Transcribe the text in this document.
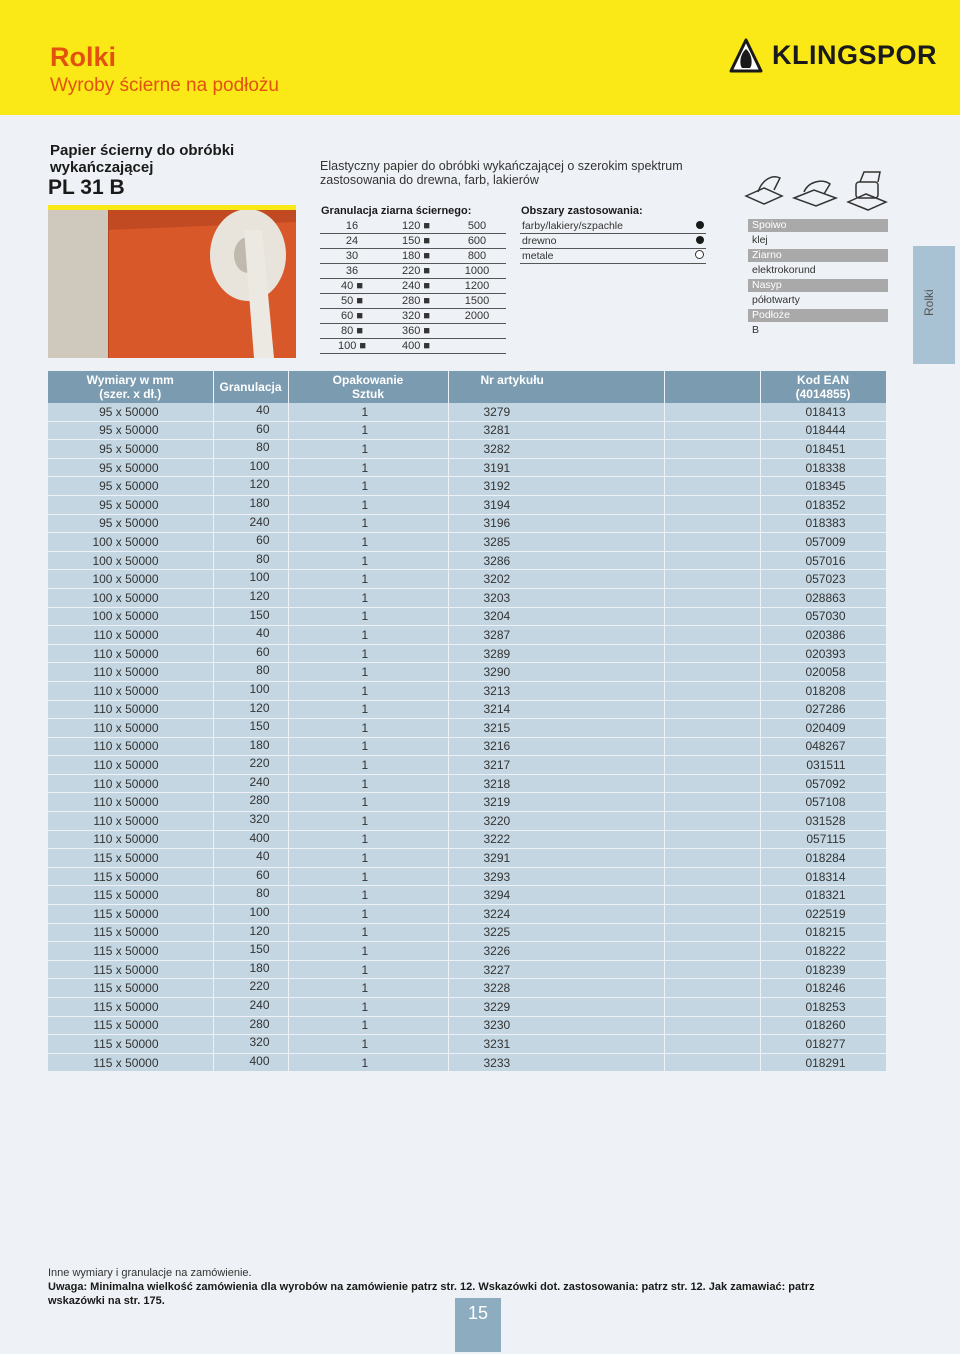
Rolki
Wyroby ścierne na podłożu
KLINGSPOR
Papier ścierny do obróbki
wykańczającej
PL 31 B
Elastyczny papier do obróbki wykańczającej o szerokim spektrum zastosowania do drewna, farb, lakierów
Granulacja ziarna ściernego:
16	120 ■	500
24	150 ■	600
30	180 ■	800
36	220 ■	1000
40 ■	240 ■	1200
50 ■	280 ■	1500
60 ■	320 ■	2000
80 ■	360 ■	
100 ■	400 ■	
Obszary zastosowania:
farby/lakiery/szpachle	
drewno	
metale	
Spoiwo
klej
Ziarno
elektrokorund
Nasyp
półotwarty
Podłoże
B
Rolki
Wymiary w mm (szer. x dł.)	Granulacja	Opakowanie Sztuk	Nr artykułu		Kod EAN (4014855)

95 x 50000	40	1	3279		018413
95 x 50000	60	1	3281		018444
95 x 50000	80	1	3282		018451
95 x 50000	100	1	3191		018338
95 x 50000	120	1	3192		018345
95 x 50000	180	1	3194		018352
95 x 50000	240	1	3196		018383
100 x 50000	60	1	3285		057009
100 x 50000	80	1	3286		057016
100 x 50000	100	1	3202		057023
100 x 50000	120	1	3203		028863
100 x 50000	150	1	3204		057030
110 x 50000	40	1	3287		020386
110 x 50000	60	1	3289		020393
110 x 50000	80	1	3290		020058
110 x 50000	100	1	3213		018208
110 x 50000	120	1	3214		027286
110 x 50000	150	1	3215		020409
110 x 50000	180	1	3216		048267
110 x 50000	220	1	3217		031511
110 x 50000	240	1	3218		057092
110 x 50000	280	1	3219		057108
110 x 50000	320	1	3220		031528
110 x 50000	400	1	3222		057115
115 x 50000	40	1	3291		018284
115 x 50000	60	1	3293		018314
115 x 50000	80	1	3294		018321
115 x 50000	100	1	3224		022519
115 x 50000	120	1	3225		018215
115 x 50000	150	1	3226		018222
115 x 50000	180	1	3227		018239
115 x 50000	220	1	3228		018246
115 x 50000	240	1	3229		018253
115 x 50000	280	1	3230		018260
115 x 50000	320	1	3231		018277
115 x 50000	400	1	3233		018291
Inne wymiary i granulacje na zamówienie.
Uwaga: Minimalna wielkość zamówienia dla wyrobów na zamówienie patrz str. 12. Wskazówki dot. zastosowania: patrz str. 12. Jak zamawiać: patrz wskazówki na str. 175.
15
